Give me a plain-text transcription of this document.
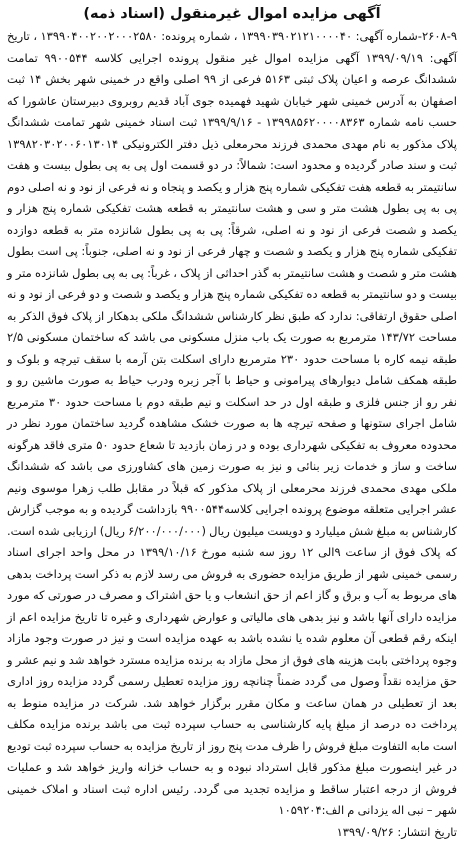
آگهی مزایده اموال غیرمنقول (اسناد ذمه)

۲۶۰۸-۹-شماره آگهی: ۱۳۹۹۰۳۹۰۲۱۲۱۰۰۰۰۴۰ ، شماره پرونده: ۱۳۹۹۰۴۰۰۲۰۰۲۰۰۰۲۵۸۰ ، تاریخ آگهی: ۱۳۹۹/۰۹/۱۹ آگهی مزایده اموال غیر منقول پرونده اجرایی کلاسه ۹۹۰۰۵۴۴ تمامت ششدانگ عرصه و اعیان پلاک ثبتی ۵۱۶۳ فرعی از ۹۹ اصلی واقع در خمینی شهر بخش ۱۴ ثبت اصفهان به آدرس خمینی شهر خیابان شهید فهمیده جوی آباد قدیم روبروی دبیرستان عاشورا که حسب نامه شماره ۱۳۹۹۸۵۶۲۰۰۰۰۸۳۶۳ - ۱۳۹۹/۹/۱۶ ثبت اسناد خمینی شهر تمامت ششدانگ پلاک مذکور به نام مهدی محمدی فرزند محرمعلی ذیل دفتر الکترونیکی ۱۳۹۸۲۰۳۰۲۰۰۶۰۱۳۰۱۴ ثبت و سند صادر گردیده و محدود است: شمالاً: در دو قسمت اول پی به پی بطول بیست و هفت سانتیمتر به قطعه هفت تفکیکی شماره پنج هزار و یکصد و پنجاه و نه فرعی از نود و نه اصلی دوم پی به پی بطول هشت متر و سی و هشت سانتیمتر به قطعه هشت تفکیکی شماره پنج هزار و یکصد و شصت فرعی از نود و نه اصلی، شرقاً: پی به پی بطول شانزده متر به قطعه دوازده تفکیکی شماره پنج هزار و یکصد و شصت و چهار فرعی از نود و نه اصلی، جنوباً: پی است بطول هشت متر و شصت و هشت سانتیمتر به گذر احداثی از پلاک ، غرباً: پی به پی بطول شانزده متر و بیست و دو سانتیمتر به قطعه ده تفکیکی شماره پنج هزار و یکصد و شصت و دو فرعی از نود و نه اصلی حقوق ارتفاقی: ندارد که طبق نظر کارشناس ششدانگ ملکی بدهکار از پلاک فوق الذکر به مساحت ۱۴۳/۷۲ مترمربع به صورت یک باب منزل مسکونی می باشد که ساختمان مسکونی ۲/۵ طبقه نیمه کاره با مساحت حدود ۲۳۰ مترمربع دارای اسکلت بتن آرمه با سقف تیرچه و بلوک و طبقه همکف شامل دیوارهای پیرامونی و حیاط با آجر زبره ودرب حیاط به صورت ماشین رو و نفر رو از جنس فلزی و طبقه اول در حد اسکلت و نیم طبقه دوم با مساحت حدود ۳۰ مترمربع شامل اجرای ستونها و صفحه تیرچه ها به صورت خشک مشاهده گردید ساختمان مورد نظر در محدوده معروف به تفکیکی شهرداری بوده و در زمان بازدید تا شعاع حدود ۵۰ متری فاقد هرگونه ساخت و ساز و خدمات زیر بنائی و نیز به صورت زمین های کشاورزی می باشد که ششدانگ ملکی مهدی محمدی فرزند محرمعلی از پلاک مذکور که قبلاً در مقابل طلب زهرا موسوی ونیم عشر اجرایی متعلقه موضوع پرونده اجرایی کلاسه۹۹۰۰۵۴۴ بازداشت گردیده و به موجب گزارش کارشناس به مبلغ شش میلیارد و دویست میلیون ریال (۶/۲۰۰/۰۰۰/۰۰۰ ریال) ارزیابی شده است. که پلاک فوق از ساعت ۹الی ۱۲ روز سه شنبه مورخ ۱۳۹۹/۱۰/۱۶ در محل واحد اجرای اسناد رسمی خمینی شهر از طریق مزایده حضوری به فروش می رسد لازم به ذکر است پرداخت بدهی های مربوط به آب و برق و گاز اعم از حق انشعاب و یا حق اشتراک و مصرف در صورتی که مورد مزایده دارای آنها باشد و نیز بدهی های مالیاتی و عوارض شهرداری و غیره تا تاریخ مزایده اعم از اینکه رقم قطعی آن معلوم شده یا نشده باشد به عهده مزایده است و نیز در صورت وجود مازاد وجوه پرداختی بابت هزینه های فوق از محل مازاد به برنده مزایده مسترد خواهد شد و نیم عشر و حق مزایده نقداً وصول می گردد ضمناً چنانچه روز مزایده تعطیل رسمی گردد مزایده روز اداری بعد از تعطیلی در همان ساعت و مکان مقرر برگزار خواهد شد. شرکت در مزایده منوط به پرداخت ده درصد از مبلغ پایه کارشناسی به حساب سپرده ثبت می باشد برنده مزایده مکلف است مابه التفاوت مبلغ فروش را ظرف مدت پنج روز از تاریخ مزایده به حساب سپرده ثبت تودیع در غیر اینصورت مبلغ مذکور قابل استرداد نبوده و به حساب خزانه واریز خواهد شد و عملیات فروش از درجه اعتبار ساقط و مزایده تجدید می گردد. رئیس اداره ثبت اسناد و املاک خمینی شهر – نبی اله یزدانی م الف:۱۰۵۹۲۰۴

تاریخ انتشار: ۱۳۹۹/۰۹/۲۶
